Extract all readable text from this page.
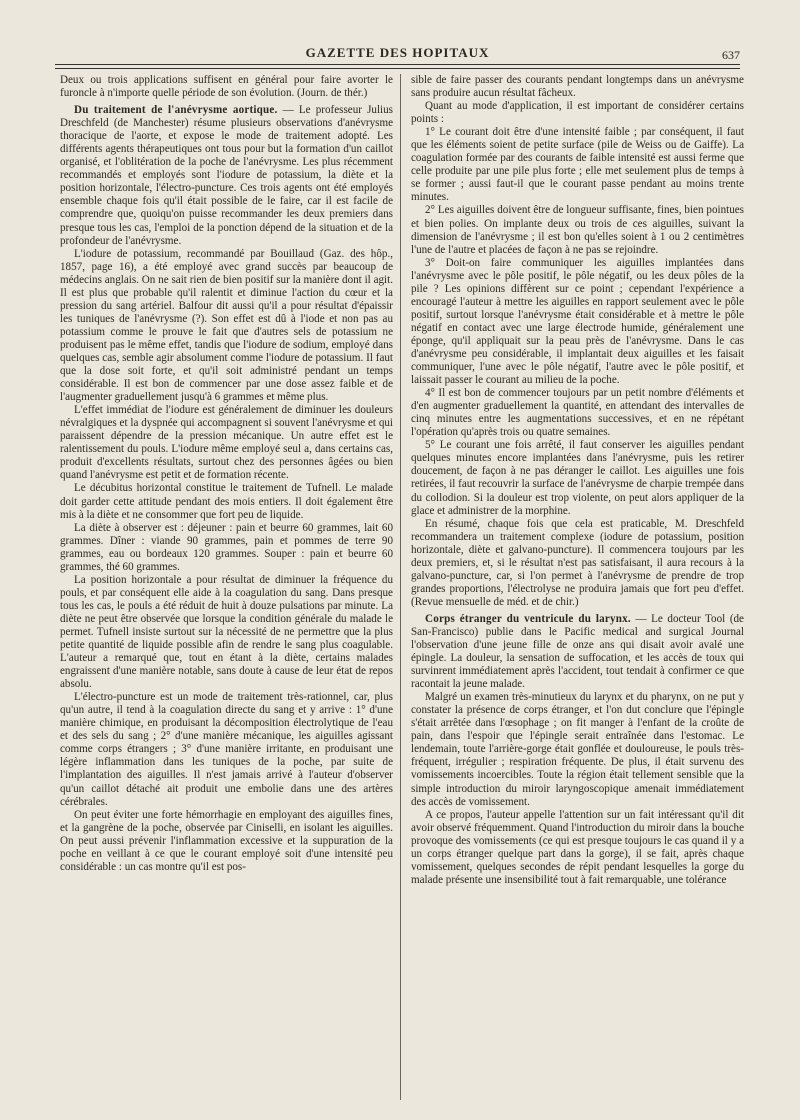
GAZETTE DES HOPITAUX	637

Deux ou trois applications suffisent en général pour faire avorter le furoncle à n'importe quelle période de son évolution. (Journ. de thér.)

Du traitement de l'anévrysme aortique. — Le professeur Julius Dreschfeld (de Manchester) résume plusieurs observations d'anévrysme thoracique de l'aorte, et expose le mode de traitement adopté. Les différents agents thérapeutiques ont tous pour but la formation d'un caillot organisé, et l'oblitération de la poche de l'anévrysme. Les plus récemment recommandés et employés sont l'iodure de potassium, la diète et la position horizontale, l'électro-puncture. Ces trois agents ont été employés ensemble chaque fois qu'il était possible de le faire, car il est facile de comprendre que, quoiqu'on puisse recommander les deux premiers dans presque tous les cas, l'emploi de la ponction dépend de la situation et de la profondeur de l'anévrysme.

L'iodure de potassium, recommandé par Bouillaud (Gaz. des hôp., 1857, page 16), a été employé avec grand succès par beaucoup de médecins anglais. On ne sait rien de bien positif sur la manière dont il agit. Il est plus que probable qu'il ralentit et diminue l'action du cœur et la pression du sang artériel. Balfour dit aussi qu'il a pour résultat d'épaissir les tuniques de l'anévrysme (?). Son effet est dû à l'iode et non pas au potassium comme le prouve le fait que d'autres sels de potassium ne produisent pas le même effet, tandis que l'iodure de sodium, employé dans quelques cas, semble agir absolument comme l'iodure de potassium. Il faut que la dose soit forte, et qu'il soit administré pendant un temps considérable. Il est bon de commencer par une dose assez faible et de l'augmenter graduellement jusqu'à 6 grammes et même plus.

L'effet immédiat de l'iodure est généralement de diminuer les douleurs névralgiques et la dyspnée qui accompagnent si souvent l'anévrysme et qui paraissent dépendre de la pression mécanique. Un autre effet est le ralentissement du pouls. L'iodure même employé seul a, dans certains cas, produit d'excellents résultats, surtout chez des personnes âgées ou bien quand l'anévrysme est petit et de formation récente.

Le décubitus horizontal constitue le traitement de Tufnell. Le malade doit garder cette attitude pendant des mois entiers. Il doit également être mis à la diète et ne consommer que fort peu de liquide.

La diète à observer est : déjeuner : pain et beurre 60 grammes, lait 60 grammes. Dîner : viande 90 grammes, pain et pommes de terre 90 grammes, eau ou bordeaux 120 grammes. Souper : pain et beurre 60 grammes, thé 60 grammes.

La position horizontale a pour résultat de diminuer la fréquence du pouls, et par conséquent elle aide à la coagulation du sang. Dans presque tous les cas, le pouls a été réduit de huit à douze pulsations par minute. La diète ne peut être observée que lorsque la condition générale du malade le permet. Tufnell insiste surtout sur la nécessité de ne permettre que la plus petite quantité de liquide possible afin de rendre le sang plus coagulable. L'auteur a remarqué que, tout en étant à la diète, certains malades engraissent d'une manière notable, sans doute à cause de leur état de repos absolu.

L'électro-puncture est un mode de traitement très-rationnel, car, plus qu'un autre, il tend à la coagulation directe du sang et y arrive : 1° d'une manière chimique, en produisant la décomposition électrolytique de l'eau et des sels du sang ; 2° d'une manière mécanique, les aiguilles agissant comme corps étrangers ; 3° d'une manière irritante, en produisant une légère inflammation dans les tuniques de la poche, par suite de l'implantation des aiguilles. Il n'est jamais arrivé à l'auteur d'observer qu'un caillot détaché ait produit une embolie dans une des artères cérébrales.

On peut éviter une forte hémorrhagie en employant des aiguilles fines, et la gangrène de la poche, observée par Ciniselli, en isolant les aiguilles. On peut aussi prévenir l'inflammation excessive et la suppuration de la poche en veillant à ce que le courant employé soit d'une intensité peu considérable : un cas montre qu'il est pos-

sible de faire passer des courants pendant longtemps dans un anévrysme sans produire aucun résultat fâcheux.

Quant au mode d'application, il est important de considérer certains points :

1° Le courant doit être d'une intensité faible ; par conséquent, il faut que les éléments soient de petite surface (pile de Weiss ou de Gaiffe). La coagulation formée par des courants de faible intensité est aussi ferme que celle produite par une pile plus forte ; elle met seulement plus de temps à se former ; aussi faut-il que le courant passe pendant au moins trente minutes.

2° Les aiguilles doivent être de longueur suffisante, fines, bien pointues et bien polies. On implante deux ou trois de ces aiguilles, suivant la dimension de l'anévrysme ; il est bon qu'elles soient à 1 ou 2 centimètres l'une de l'autre et placées de façon à ne pas se rejoindre.

3° Doit-on faire communiquer les aiguilles implantées dans l'anévrysme avec le pôle positif, le pôle négatif, ou les deux pôles de la pile ? Les opinions diffèrent sur ce point ; cependant l'expérience a encouragé l'auteur à mettre les aiguilles en rapport seulement avec le pôle positif, surtout lorsque l'anévrysme était considérable et à mettre le pôle négatif en contact avec une large électrode humide, généralement une éponge, qu'il appliquait sur la peau près de l'anévrysme. Dans le cas d'anévrysme peu considérable, il implantait deux aiguilles et les faisait communiquer, l'une avec le pôle négatif, l'autre avec le pôle positif, et laissait passer le courant au milieu de la poche.

4° Il est bon de commencer toujours par un petit nombre d'éléments et d'en augmenter graduellement la quantité, en attendant des intervalles de cinq minutes entre les augmentations successives, et en ne répétant l'opération qu'après trois ou quatre semaines.

5° Le courant une fois arrêté, il faut conserver les aiguilles pendant quelques minutes encore implantées dans l'anévrysme, puis les retirer doucement, de façon à ne pas déranger le caillot. Les aiguilles une fois retirées, il faut recouvrir la surface de l'anévrysme de charpie trempée dans du collodion. Si la douleur est trop violente, on peut alors appliquer de la glace et administrer de la morphine.

En résumé, chaque fois que cela est praticable, M. Dreschfeld recommandera un traitement complexe (iodure de potassium, position horizontale, diète et galvano-puncture). Il commencera toujours par les deux premiers, et, si le résultat n'est pas satisfaisant, il aura recours à la galvano-puncture, car, si l'on permet à l'anévrysme de prendre de trop grandes proportions, l'électrolyse ne produira jamais que fort peu d'effet. (Revue mensuelle de méd. et de chir.)

Corps étranger du ventricule du larynx. — Le docteur Tool (de San-Francisco) publie dans le Pacific medical and surgical Journal l'observation d'une jeune fille de onze ans qui disait avoir avalé une épingle. La douleur, la sensation de suffocation, et les accès de toux qui survinrent immédiatement après l'accident, tout tendait à confirmer ce que racontait la jeune malade.

Malgré un examen très-minutieux du larynx et du pharynx, on ne put y constater la présence de corps étranger, et l'on dut conclure que l'épingle s'était arrêtée dans l'œsophage ; on fit manger à l'enfant de la croûte de pain, dans l'espoir que l'épingle serait entraînée dans l'estomac. Le lendemain, toute l'arrière-gorge était gonflée et douloureuse, le pouls très-fréquent, irrégulier ; respiration fréquente. De plus, il était survenu des vomissements incoercibles. Toute la région était tellement sensible que la simple introduction du miroir laryngoscopique amenait immédiatement des accès de vomissement.

A ce propos, l'auteur appelle l'attention sur un fait intéressant qu'il dit avoir observé fréquemment. Quand l'introduction du miroir dans la bouche provoque des vomissements (ce qui est presque toujours le cas quand il y a un corps étranger quelque part dans la gorge), il se fait, après chaque vomissement, quelques secondes de répit pendant lesquelles la gorge du malade présente une insensibilité tout à fait remarquable, une tolérance
